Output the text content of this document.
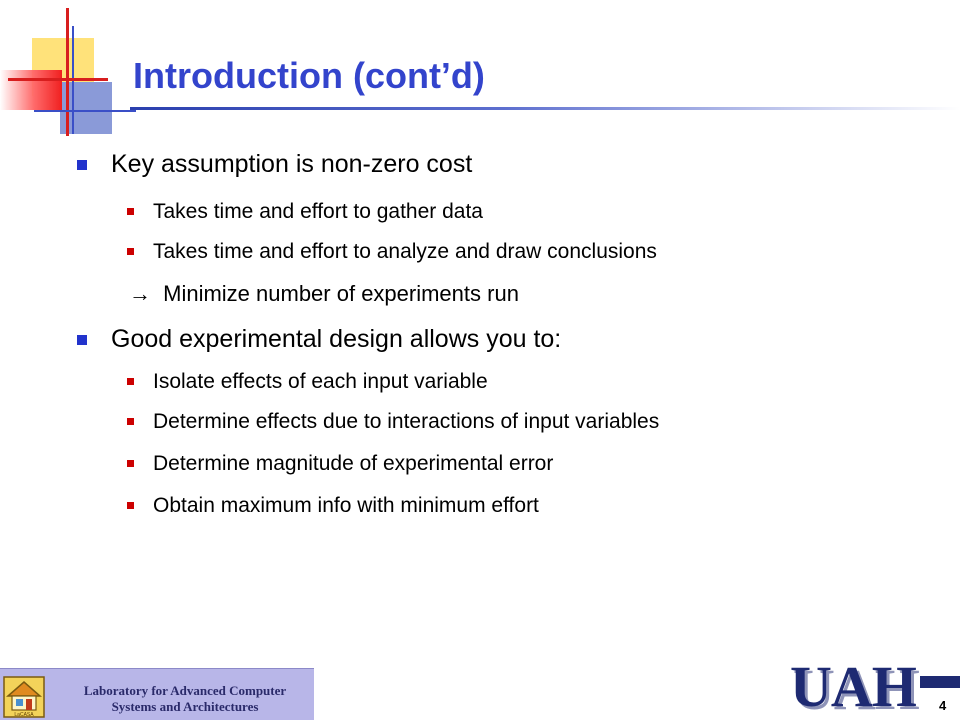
Introduction (cont’d)
Key assumption is non-zero cost
Takes time and effort to gather data
Takes time and effort to analyze and draw conclusions
→ Minimize number of experiments run
Good experimental design allows you to:
Isolate effects of each input variable
Determine effects due to interactions of input variables
Determine magnitude of experimental error
Obtain maximum info with minimum effort
LaCASA
Laboratory for Advanced Computer
Systems and Architectures	UAH 4
